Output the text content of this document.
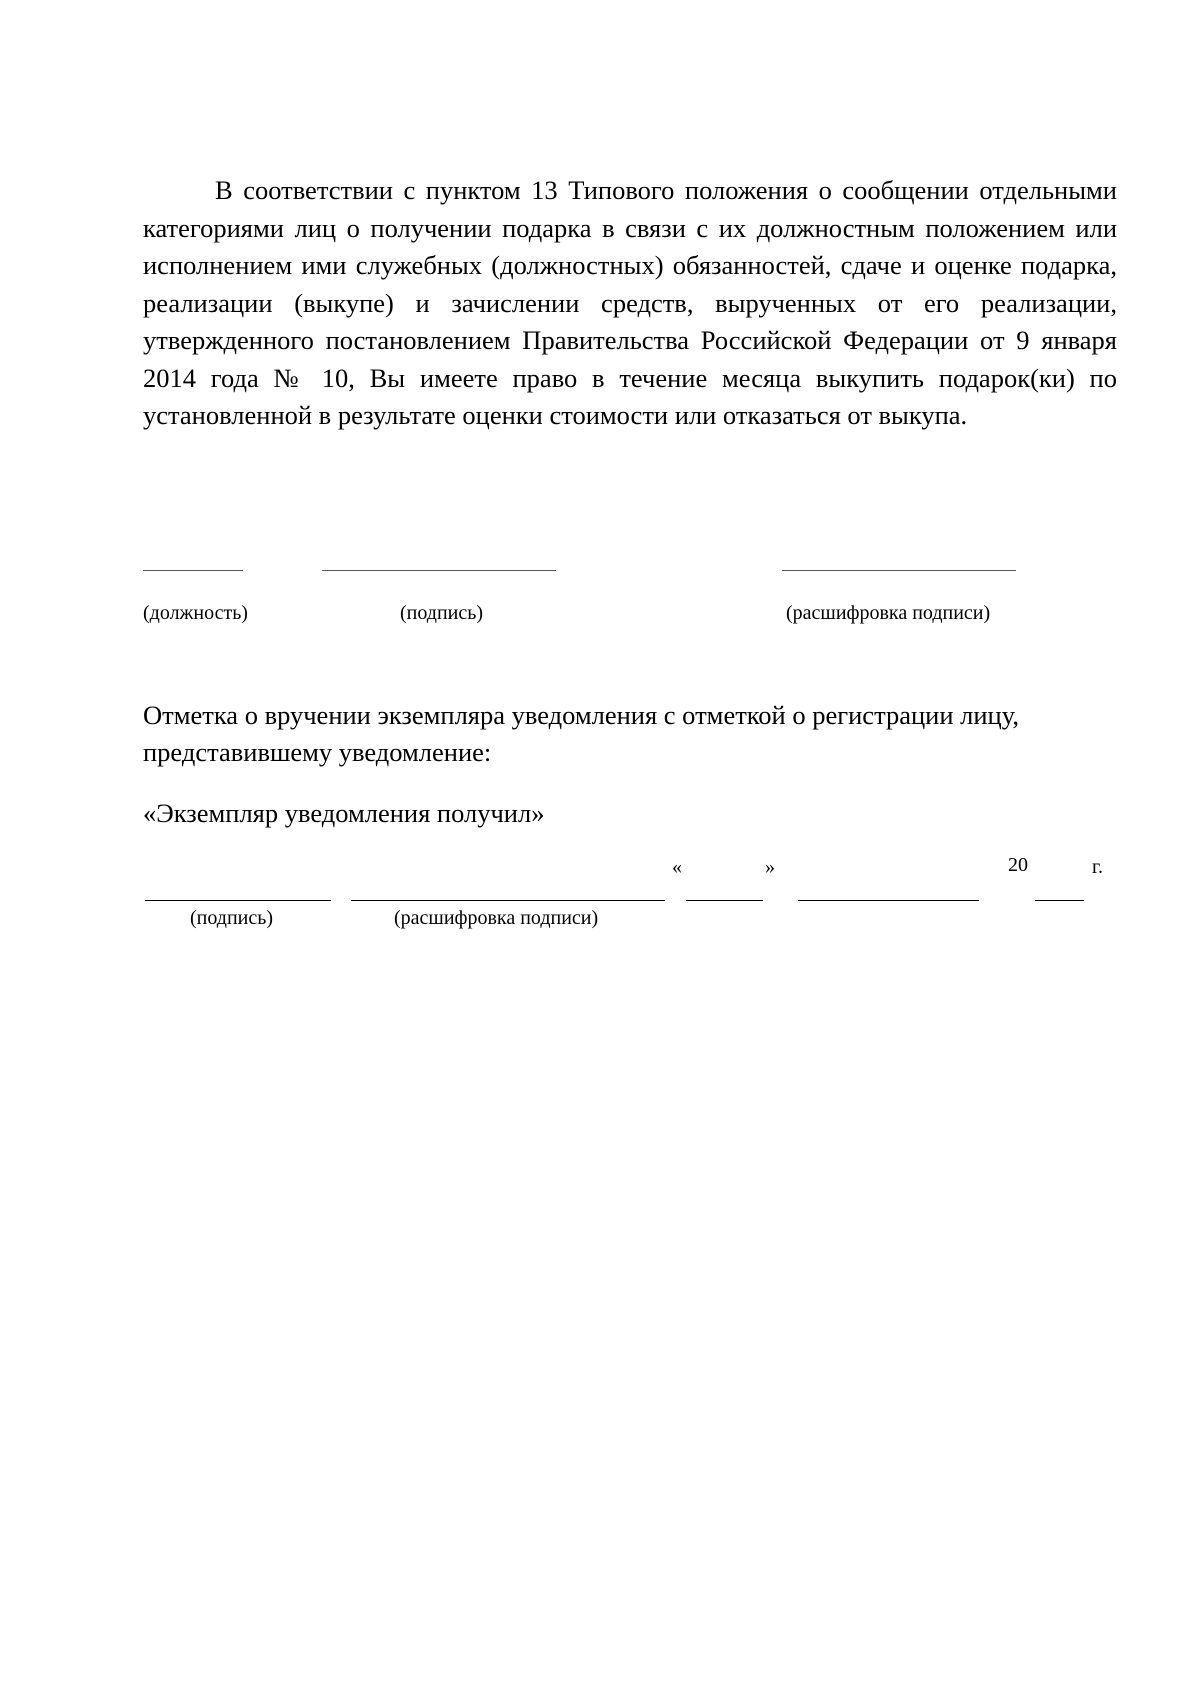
В соответствии с пунктом 13 Типового положения о сообщении отдельными категориями лиц о получении подарка в связи с их должностным положением или исполнением ими служебных (должностных) обязанностей, сдаче и оценке подарка, реализации (выкупе) и зачислении средств, вырученных от его реализации, утвержденного постановлением Правительства Российской Федерации от 9 января 2014 года № 10, Вы имеете право в течение месяца выкупить подарок(ки) по установленной в результате оценки стоимости или отказаться от выкупа.

(должность)	(подпись)	(расшифровка подписи)

Отметка о вручении экземпляра уведомления с отметкой о регистрации лицу, представившему уведомление:

«Экземпляр уведомления получил»
«	»	20	г.
(подпись)	(расшифровка подписи)
